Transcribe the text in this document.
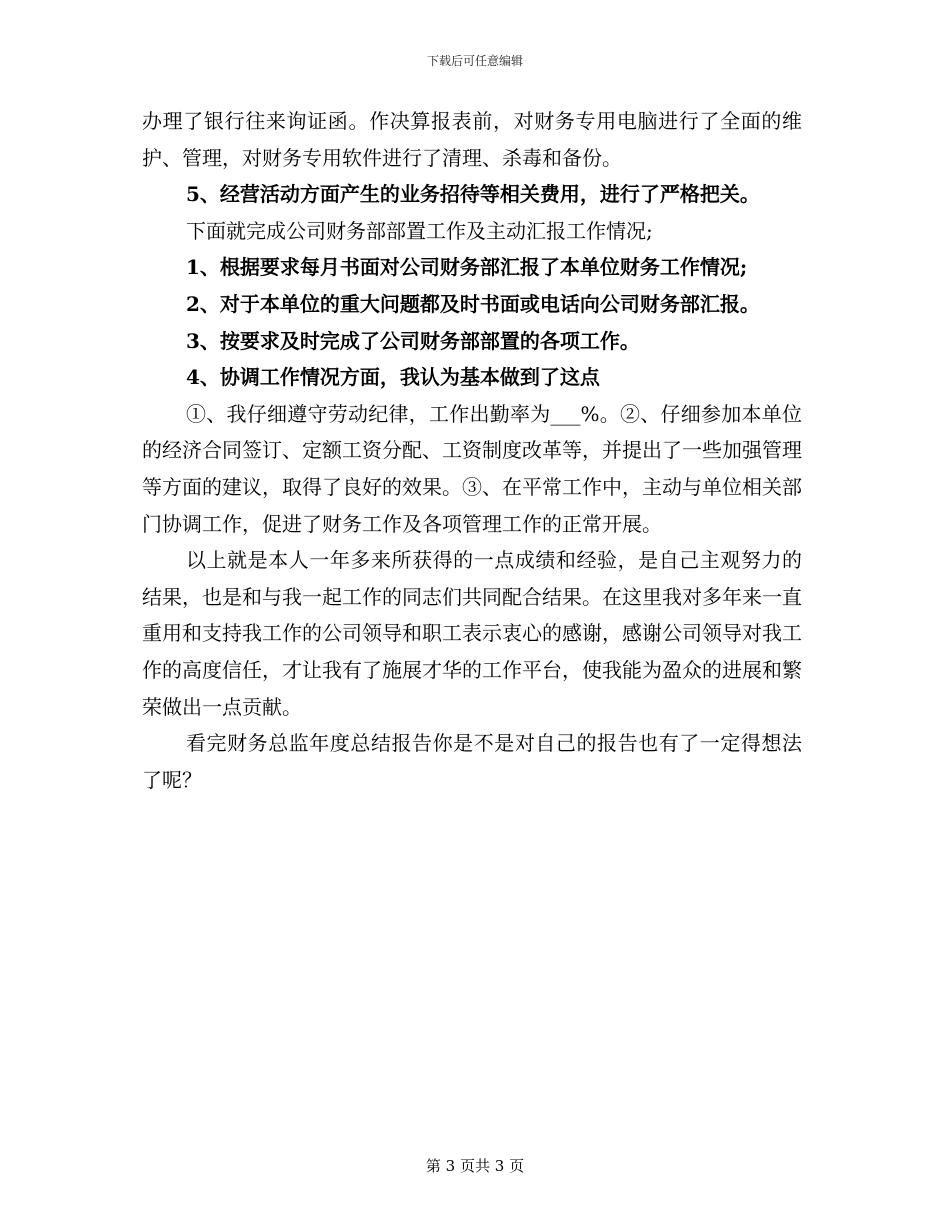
下载后可任意编辑

办理了银行往来询证函。作决算报表前，对财务专用电脑进行了全面的维护、管理，对财务专用软件进行了清理、杀毒和备份。

5、经营活动方面产生的业务招待等相关费用，进行了严格把关。

下面就完成公司财务部部置工作及主动汇报工作情况;

1、根据要求每月书面对公司财务部汇报了本单位财务工作情况;

2、对于本单位的重大问题都及时书面或电话向公司财务部汇报。

3、按要求及时完成了公司财务部部置的各项工作。

4、协调工作情况方面，我认为基本做到了这点

①、我仔细遵守劳动纪律，工作出勤率为___%。②、仔细参加本单位的经济合同签订、定额工资分配、工资制度改革等，并提出了一些加强管理等方面的建议，取得了良好的效果。③、在平常工作中，主动与单位相关部门协调工作，促进了财务工作及各项管理工作的正常开展。

以上就是本人一年多来所获得的一点成绩和经验，是自己主观努力的结果，也是和与我一起工作的同志们共同配合结果。在这里我对多年来一直重用和支持我工作的公司领导和职工表示衷心的感谢，感谢公司领导对我工作的高度信任，才让我有了施展才华的工作平台，使我能为盈众的进展和繁荣做出一点贡献。

看完财务总监年度总结报告你是不是对自己的报告也有了一定得想法了呢？

第 3 页共 3 页
